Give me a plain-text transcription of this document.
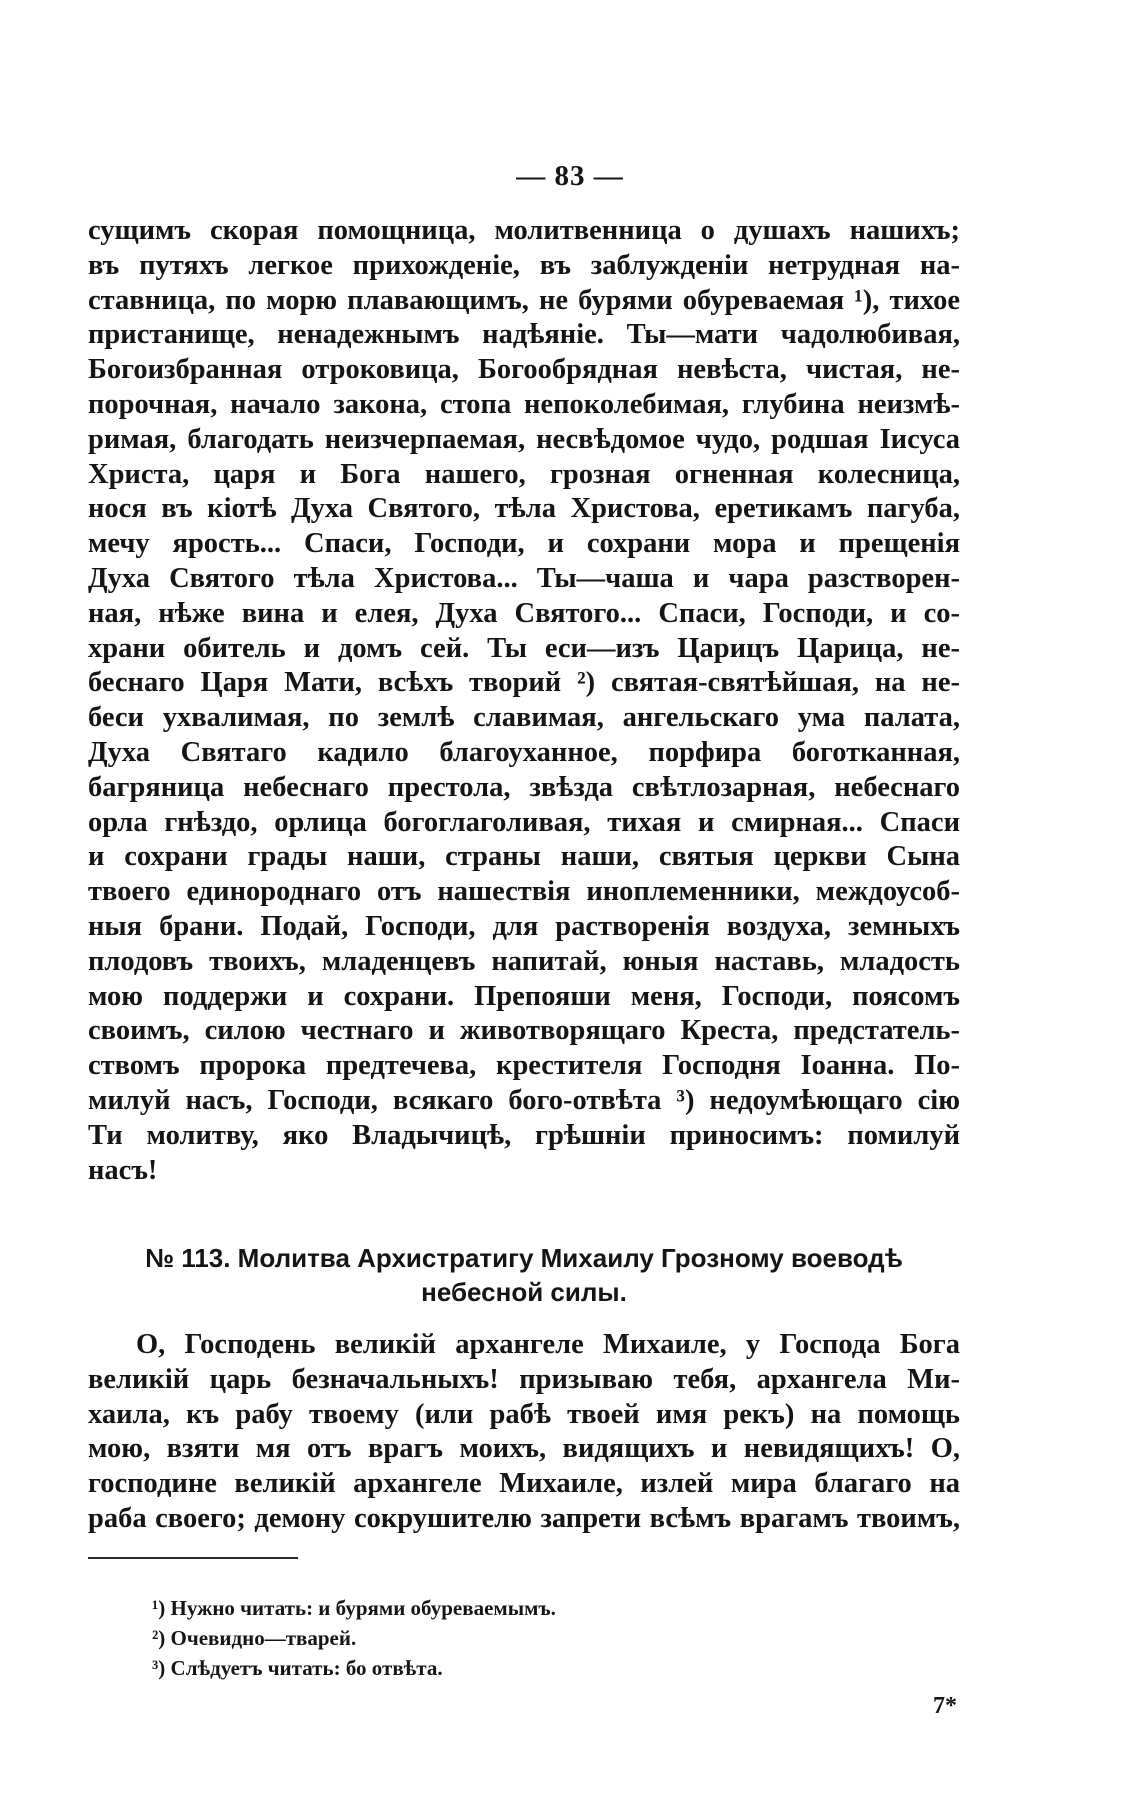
— 83 —
сущимъ скорая помощница, молитвенница о душахъ нашихъ;
въ путяхъ легкое прихожденіе, въ заблужденіи нетрудная на-
ставница, по морю плавающимъ, не бурями обуреваемая ¹), тихое
пристанище, ненадежнымъ надѣяніе. Ты—мати чадолюбивая,
Богоизбранная отроковица, Богообрядная невѣста, чистая, не-
порочная, начало закона, стопа непоколебимая, глубина неизмѣ-
римая, благодать неизчерпаемая, несвѣдомое чудо, родшая Іисуса
Христа, царя и Бога нашего, грозная огненная колесница,
нося въ кіотѣ Духа Святого, тѣла Христова, еретикамъ пагуба,
мечу ярость... Спаси, Господи, и сохрани мора и прещенія
Духа Святого тѣла Христова... Ты—чаша и чара разстворен-
ная, нѣже вина и елея, Духа Святого... Спаси, Господи, и со-
храни обитель и домъ сей. Ты еси—изъ Царицъ Царица, не-
беснаго Царя Мати, всѣхъ творий ²) святая-святѣйшая, на не-
беси ухвалимая, по землѣ славимая, ангельскаго ума палата,
Духа Святаго кадило благоуханное, порфира боготканная,
багряница небеснаго престола, звѣзда свѣтлозарная, небеснаго
орла гнѣздо, орлица богоглаголивая, тихая и смирная... Спаси
и сохрани грады наши, страны наши, святыя церкви Сына
твоего единороднаго отъ нашествія иноплеменники, междоусоб-
ныя брани. Подай, Господи, для растворенія воздуха, земныхъ
плодовъ твоихъ, младенцевъ напитай, юныя наставь, младость
мою поддержи и сохрани. Препояши меня, Господи, поясомъ
своимъ, силою честнаго и животворящаго Креста, предстатель-
ствомъ пророка предтечева, крестителя Господня Іоанна. По-
милуй насъ, Господи, всякаго бого-отвѣта ³) недоумѣющаго сію
Ти молитву, яко Владычицѣ, грѣшніи приносимъ: помилуй
насъ!
№ 113. Молитва Архистратигу Михаилу Грозному воеводѣ
небесной силы.
О, Господень великій архангеле Михаиле, у Господа Бога
великій царь безначальныхъ! призываю тебя, архангела Ми-
хаила, къ рабу твоему (или рабѣ твоей имя рекъ) на помощь
мою, взяти мя отъ врагъ моихъ, видящихъ и невидящихъ! О,
господине великій архангеле Михаиле, излей мира благаго на
раба своего; демону сокрушителю запрети всѣмъ врагамъ твоимъ,
¹) Нужно читать: и бурями обуреваемымъ.
²) Очевидно—тварей.
³) Слѣдуетъ читать: бо отвѣта.
7*
